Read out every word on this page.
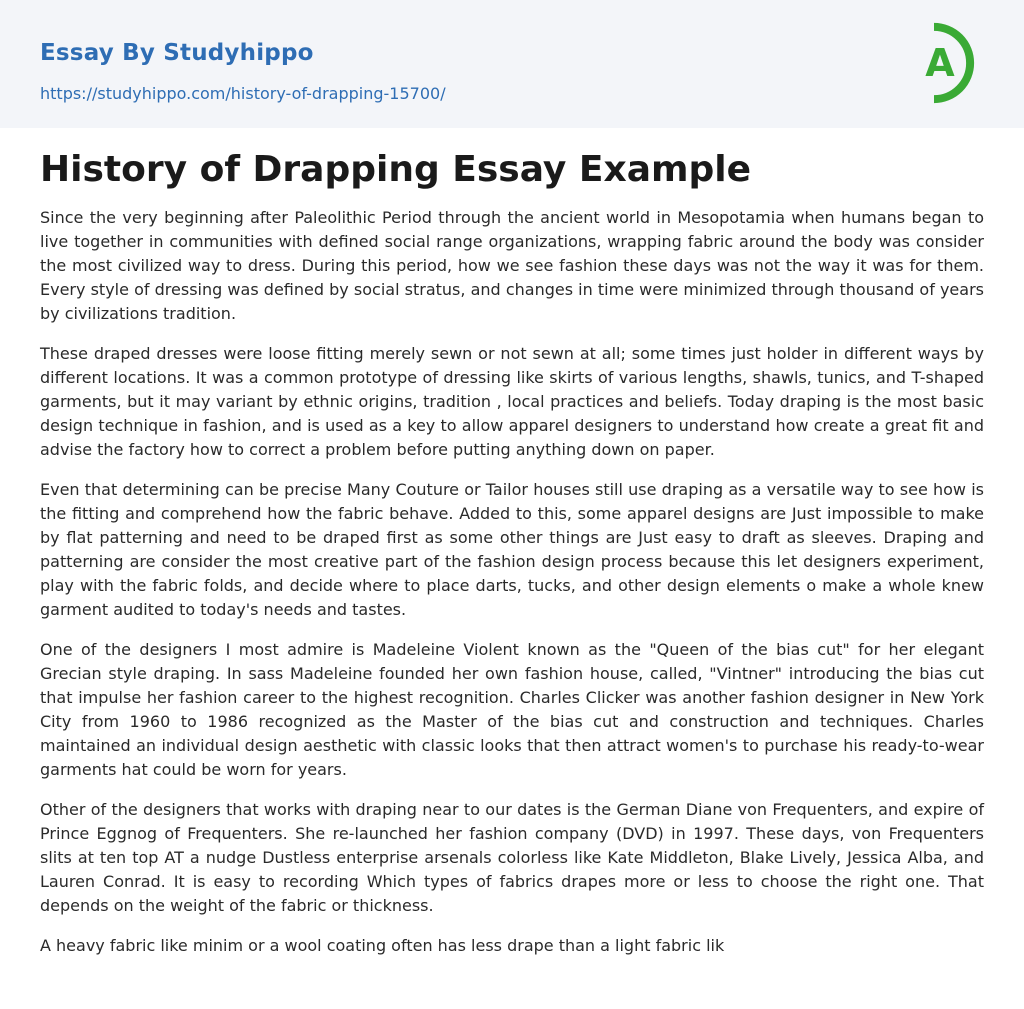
Essay By Studyhippo
https://studyhippo.com/history-of-drapping-15700/
A
History of Drapping Essay Example

Since the very beginning after Paleolithic Period through the ancient world in Mesopotamia when humans began to live together in communities with defined social range organizations, wrapping fabric around the body was consider the most civilized way to dress. During this period, how we see fashion these days was not the way it was for them. Every style of dressing was defined by social stratus, and changes in time were minimized through thousand of years by civilizations tradition.

These draped dresses were loose fitting merely sewn or not sewn at all; some times just holder in different ways by different locations. It was a common prototype of dressing like skirts of various lengths, shawls, tunics, and T-shaped garments, but it may variant by ethnic origins, tradition , local practices and beliefs. Today draping is the most basic design technique in fashion, and is used as a key to allow apparel designers to understand how create a great fit and advise the factory how to correct a problem before putting anything down on paper.

Even that determining can be precise Many Couture or Tailor houses still use draping as a versatile way to see how is the fitting and comprehend how the fabric behave. Added to this, some apparel designs are Just impossible to make by flat patterning and need to be draped first as some other things are Just easy to draft as sleeves. Draping and patterning are consider the most creative part of the fashion design process because this let designers experiment, play with the fabric folds, and decide where to place darts, tucks, and other design elements o make a whole knew garment audited to today's needs and tastes.

One of the designers I most admire is Madeleine Violent known as the "Queen of the bias cut" for her elegant Grecian style draping. In sass Madeleine founded her own fashion house, called, "Vintner" introducing the bias cut that impulse her fashion career to the highest recognition. Charles Clicker was another fashion designer in New York City from 1960 to 1986 recognized as the Master of the bias cut and construction and techniques. Charles maintained an individual design aesthetic with classic looks that then attract women's to purchase his ready-to-wear garments hat could be worn for years.

Other of the designers that works with draping near to our dates is the German Diane von Frequenters, and expire of Prince Eggnog of Frequenters. She re-launched her fashion company (DVD) in 1997. These days, von Frequenters slits at ten top AT a nudge Dustless enterprise arsenals colorless like Kate Middleton, Blake Lively, Jessica Alba, and Lauren Conrad. It is easy to recording Which types of fabrics drapes more or less to choose the right one. That depends on the weight of the fabric or thickness.

A heavy fabric like minim or a wool coating often has less drape than a light fabric lik
